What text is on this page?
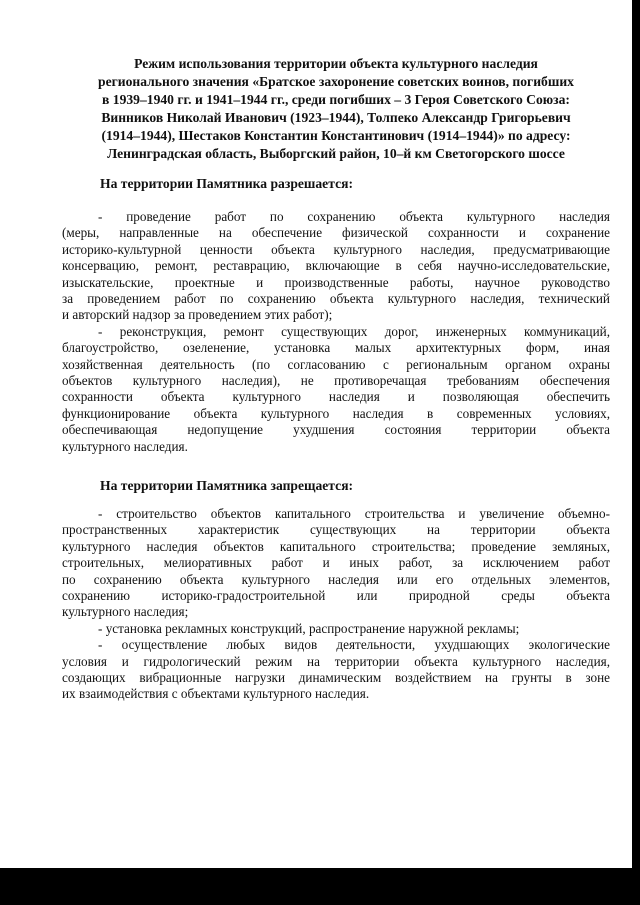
Режим использования территории объекта культурного наследия
регионального значения «Братское захоронение советских воинов, погибших
в 1939–1940 гг. и 1941–1944 гг., среди погибших – 3 Героя Советского Союза:
Винников Николай Иванович (1923–1944), Толпеко Александр Григорьевич
(1914–1944), Шестаков Константин Константинович (1914–1944)» по адресу:
Ленинградская область, Выборгский район, 10–й км Светогорского шоссе
На территории Памятника разрешается:
- проведение работ по сохранению объекта культурного наследия
(меры, направленные на обеспечение физической сохранности и сохранение
историко-культурной ценности объекта культурного наследия, предусматривающие
консервацию, ремонт, реставрацию, включающие в себя научно-исследовательские,
изыскательские, проектные и производственные работы, научное руководство
за проведением работ по сохранению объекта культурного наследия, технический
и авторский надзор за проведением этих работ);
- реконструкция, ремонт существующих дорог, инженерных коммуникаций,
благоустройство, озеленение, установка малых архитектурных форм, иная
хозяйственная деятельность (по согласованию с региональным органом охраны
объектов культурного наследия), не противоречащая требованиям обеспечения
сохранности объекта культурного наследия и позволяющая обеспечить
функционирование объекта культурного наследия в современных условиях,
обеспечивающая недопущение ухудшения состояния территории объекта
культурного наследия.
На территории Памятника запрещается:
- строительство объектов капитального строительства и увеличение объемно-
пространственных характеристик существующих на территории объекта
культурного наследия объектов капитального строительства; проведение земляных,
строительных, мелиоративных работ и иных работ, за исключением работ
по сохранению объекта культурного наследия или его отдельных элементов,
сохранению историко-градостроительной или природной среды объекта
культурного наследия;
- установка рекламных конструкций, распространение наружной рекламы;
- осуществление любых видов деятельности, ухудшающих экологические
условия и гидрологический режим на территории объекта культурного наследия,
создающих вибрационные нагрузки динамическим воздействием на грунты в зоне
их взаимодействия с объектами культурного наследия.
